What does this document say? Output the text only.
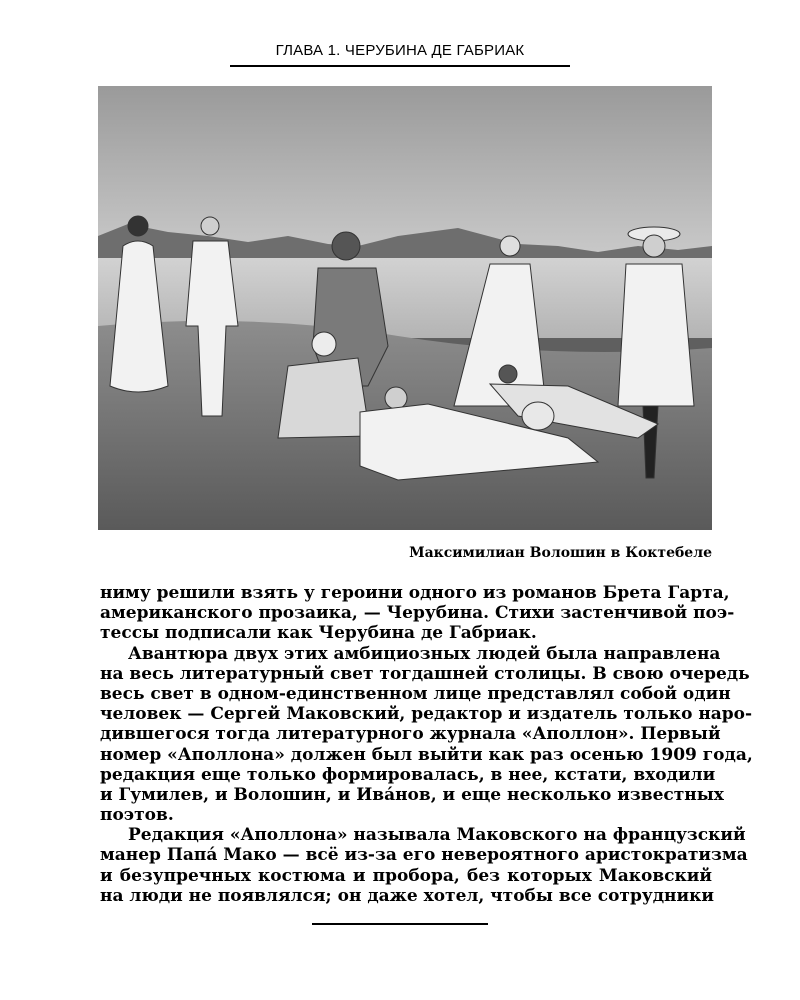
ГЛАВА 1. ЧЕРУБИНА ДЕ ГАБРИАК
Максимилиан Волошин в Коктебеле
ниму решили взять у героини одного из романов Брета Гарта,
американского прозаика, — Черубина. Стихи застенчивой поэ-
тессы подписали как Черубина де Габриак.
Авантюра двух этих амбициозных людей была направлена
на весь литературный свет тогдашней столицы. В свою очередь
весь свет в одном-единственном лице представлял собой один
человек — Сергей Маковский, редактор и издатель только наро-
дившегося тогда литературного журнала «Аполлон». Первый
номер «Аполлона» должен был выйти как раз осенью 1909 года,
редакция еще только формировалась, в нее, кстати, входили
и Гумилев, и Волошин, и Ива́нов, и еще несколько известных
поэтов.
Редакция «Аполлона» называла Маковского на французский
манер Папа́ Мако — всё из-за его невероятного аристократизма
и безупречных костюма и пробора, без которых Маковский
на люди не появлялся; он даже хотел, чтобы все сотрудники
